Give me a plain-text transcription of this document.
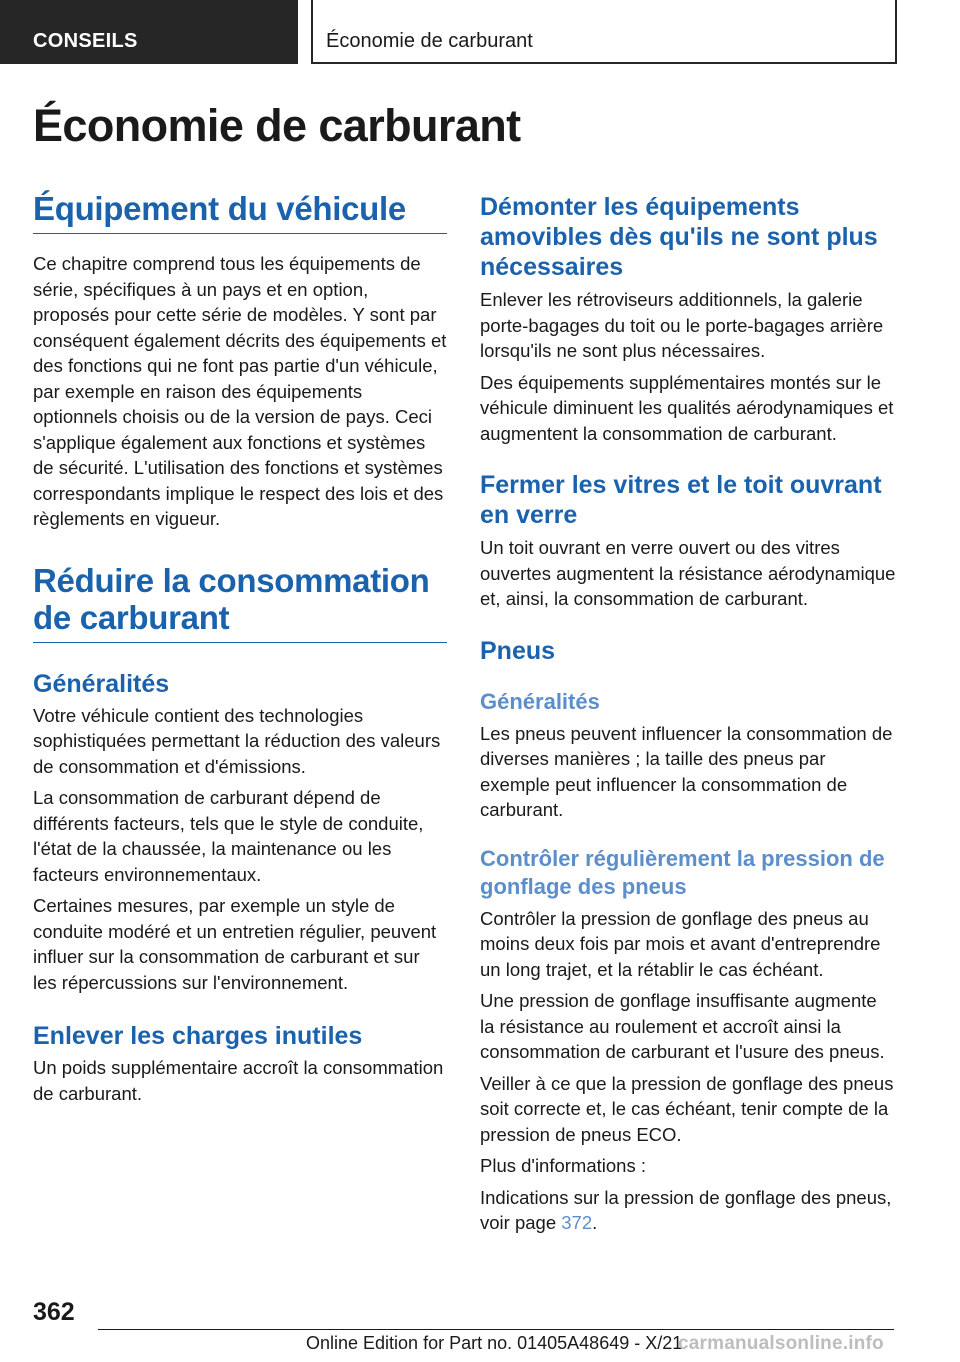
CONSEILS	Économie de carburant
Économie de carburant
Équipement du véhicule

Ce chapitre comprend tous les équipements de série, spécifiques à un pays et en option, proposés pour cette série de modèles. Y sont par conséquent également décrits des équipements et des fonctions qui ne font pas partie d'un véhicule, par exemple en raison des équipements optionnels choisis ou de la version de pays. Ceci s'applique également aux fonctions et systèmes de sécurité. L'utilisation des fonctions et systèmes correspondants implique le respect des lois et des règlements en vigueur.

Réduire la consommation de carburant
Généralités

Votre véhicule contient des technologies sophistiquées permettant la réduction des valeurs de consommation et d'émissions.

La consommation de carburant dépend de différents facteurs, tels que le style de conduite, l'état de la chaussée, la maintenance ou les facteurs environnementaux.

Certaines mesures, par exemple un style de conduite modéré et un entretien régulier, peuvent influer sur la consommation de carburant et sur les répercussions sur l'environnement.

Enlever les charges inutiles

Un poids supplémentaire accroît la consommation de carburant.

Démonter les équipements amovibles dès qu'ils ne sont plus nécessaires

Enlever les rétroviseurs additionnels, la galerie porte-bagages du toit ou le porte-bagages arrière lorsqu'ils ne sont plus nécessaires.

Des équipements supplémentaires montés sur le véhicule diminuent les qualités aérodynamiques et augmentent la consommation de carburant.

Fermer les vitres et le toit ouvrant en verre

Un toit ouvrant en verre ouvert ou des vitres ouvertes augmentent la résistance aérodynamique et, ainsi, la consommation de carburant.

Pneus
Généralités

Les pneus peuvent influencer la consommation de diverses manières ; la taille des pneus par exemple peut influencer la consommation de carburant.

Contrôler régulièrement la pression de gonflage des pneus

Contrôler la pression de gonflage des pneus au moins deux fois par mois et avant d'entreprendre un long trajet, et la rétablir le cas échéant.

Une pression de gonflage insuffisante augmente la résistance au roulement et accroît ainsi la consommation de carburant et l'usure des pneus.

Veiller à ce que la pression de gonflage des pneus soit correcte et, le cas échéant, tenir compte de la pression de pneus ECO.

Plus d'informations :

Indications sur la pression de gonflage des pneus, voir page 372.

362
Online Edition for Part no. 01405A48649 - X/21
carmanualsonline.info
